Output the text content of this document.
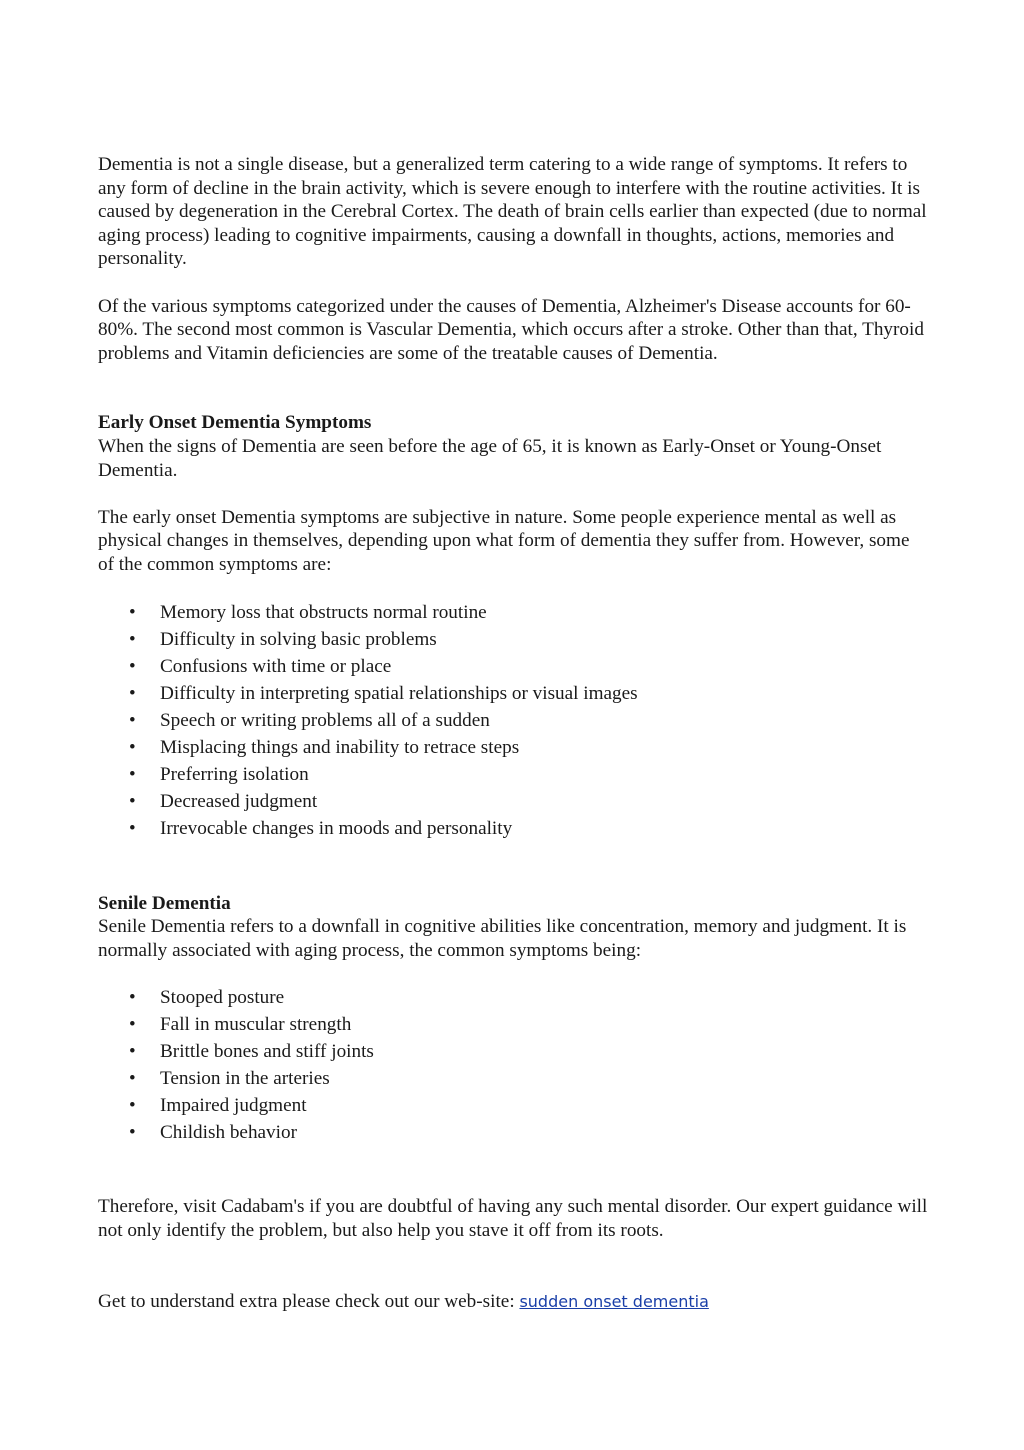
Dementia is not a single disease, but a generalized term catering to a wide range of symptoms. It refers to any form of decline in the brain activity, which is severe enough to interfere with the routine activities. It is caused by degeneration in the Cerebral Cortex. The death of brain cells earlier than expected (due to normal aging process) leading to cognitive impairments, causing a downfall in thoughts, actions, memories and personality.

Of the various symptoms categorized under the causes of Dementia, Alzheimer's Disease accounts for 60-80%. The second most common is Vascular Dementia, which occurs after a stroke. Other than that, Thyroid problems and Vitamin deficiencies are some of the treatable causes of Dementia.

Early Onset Dementia Symptoms

When the signs of Dementia are seen before the age of 65, it is known as Early-Onset or Young-Onset Dementia.

The early onset Dementia symptoms are subjective in nature. Some people experience mental as well as physical changes in themselves, depending upon what form of dementia they suffer from. However, some of the common symptoms are:

• Memory loss that obstructs normal routine
• Difficulty in solving basic problems
• Confusions with time or place
• Difficulty in interpreting spatial relationships or visual images
• Speech or writing problems all of a sudden
• Misplacing things and inability to retrace steps
• Preferring isolation
• Decreased judgment
• Irrevocable changes in moods and personality

Senile Dementia

Senile Dementia refers to a downfall in cognitive abilities like concentration, memory and judgment. It is normally associated with aging process, the common symptoms being:

• Stooped posture
• Fall in muscular strength
• Brittle bones and stiff joints
• Tension in the arteries
• Impaired judgment
• Childish behavior

Therefore, visit Cadabam's if you are doubtful of having any such mental disorder. Our expert guidance will not only identify the problem, but also help you stave it off from its roots.

Get to understand extra please check out our web-site: sudden onset dementia
